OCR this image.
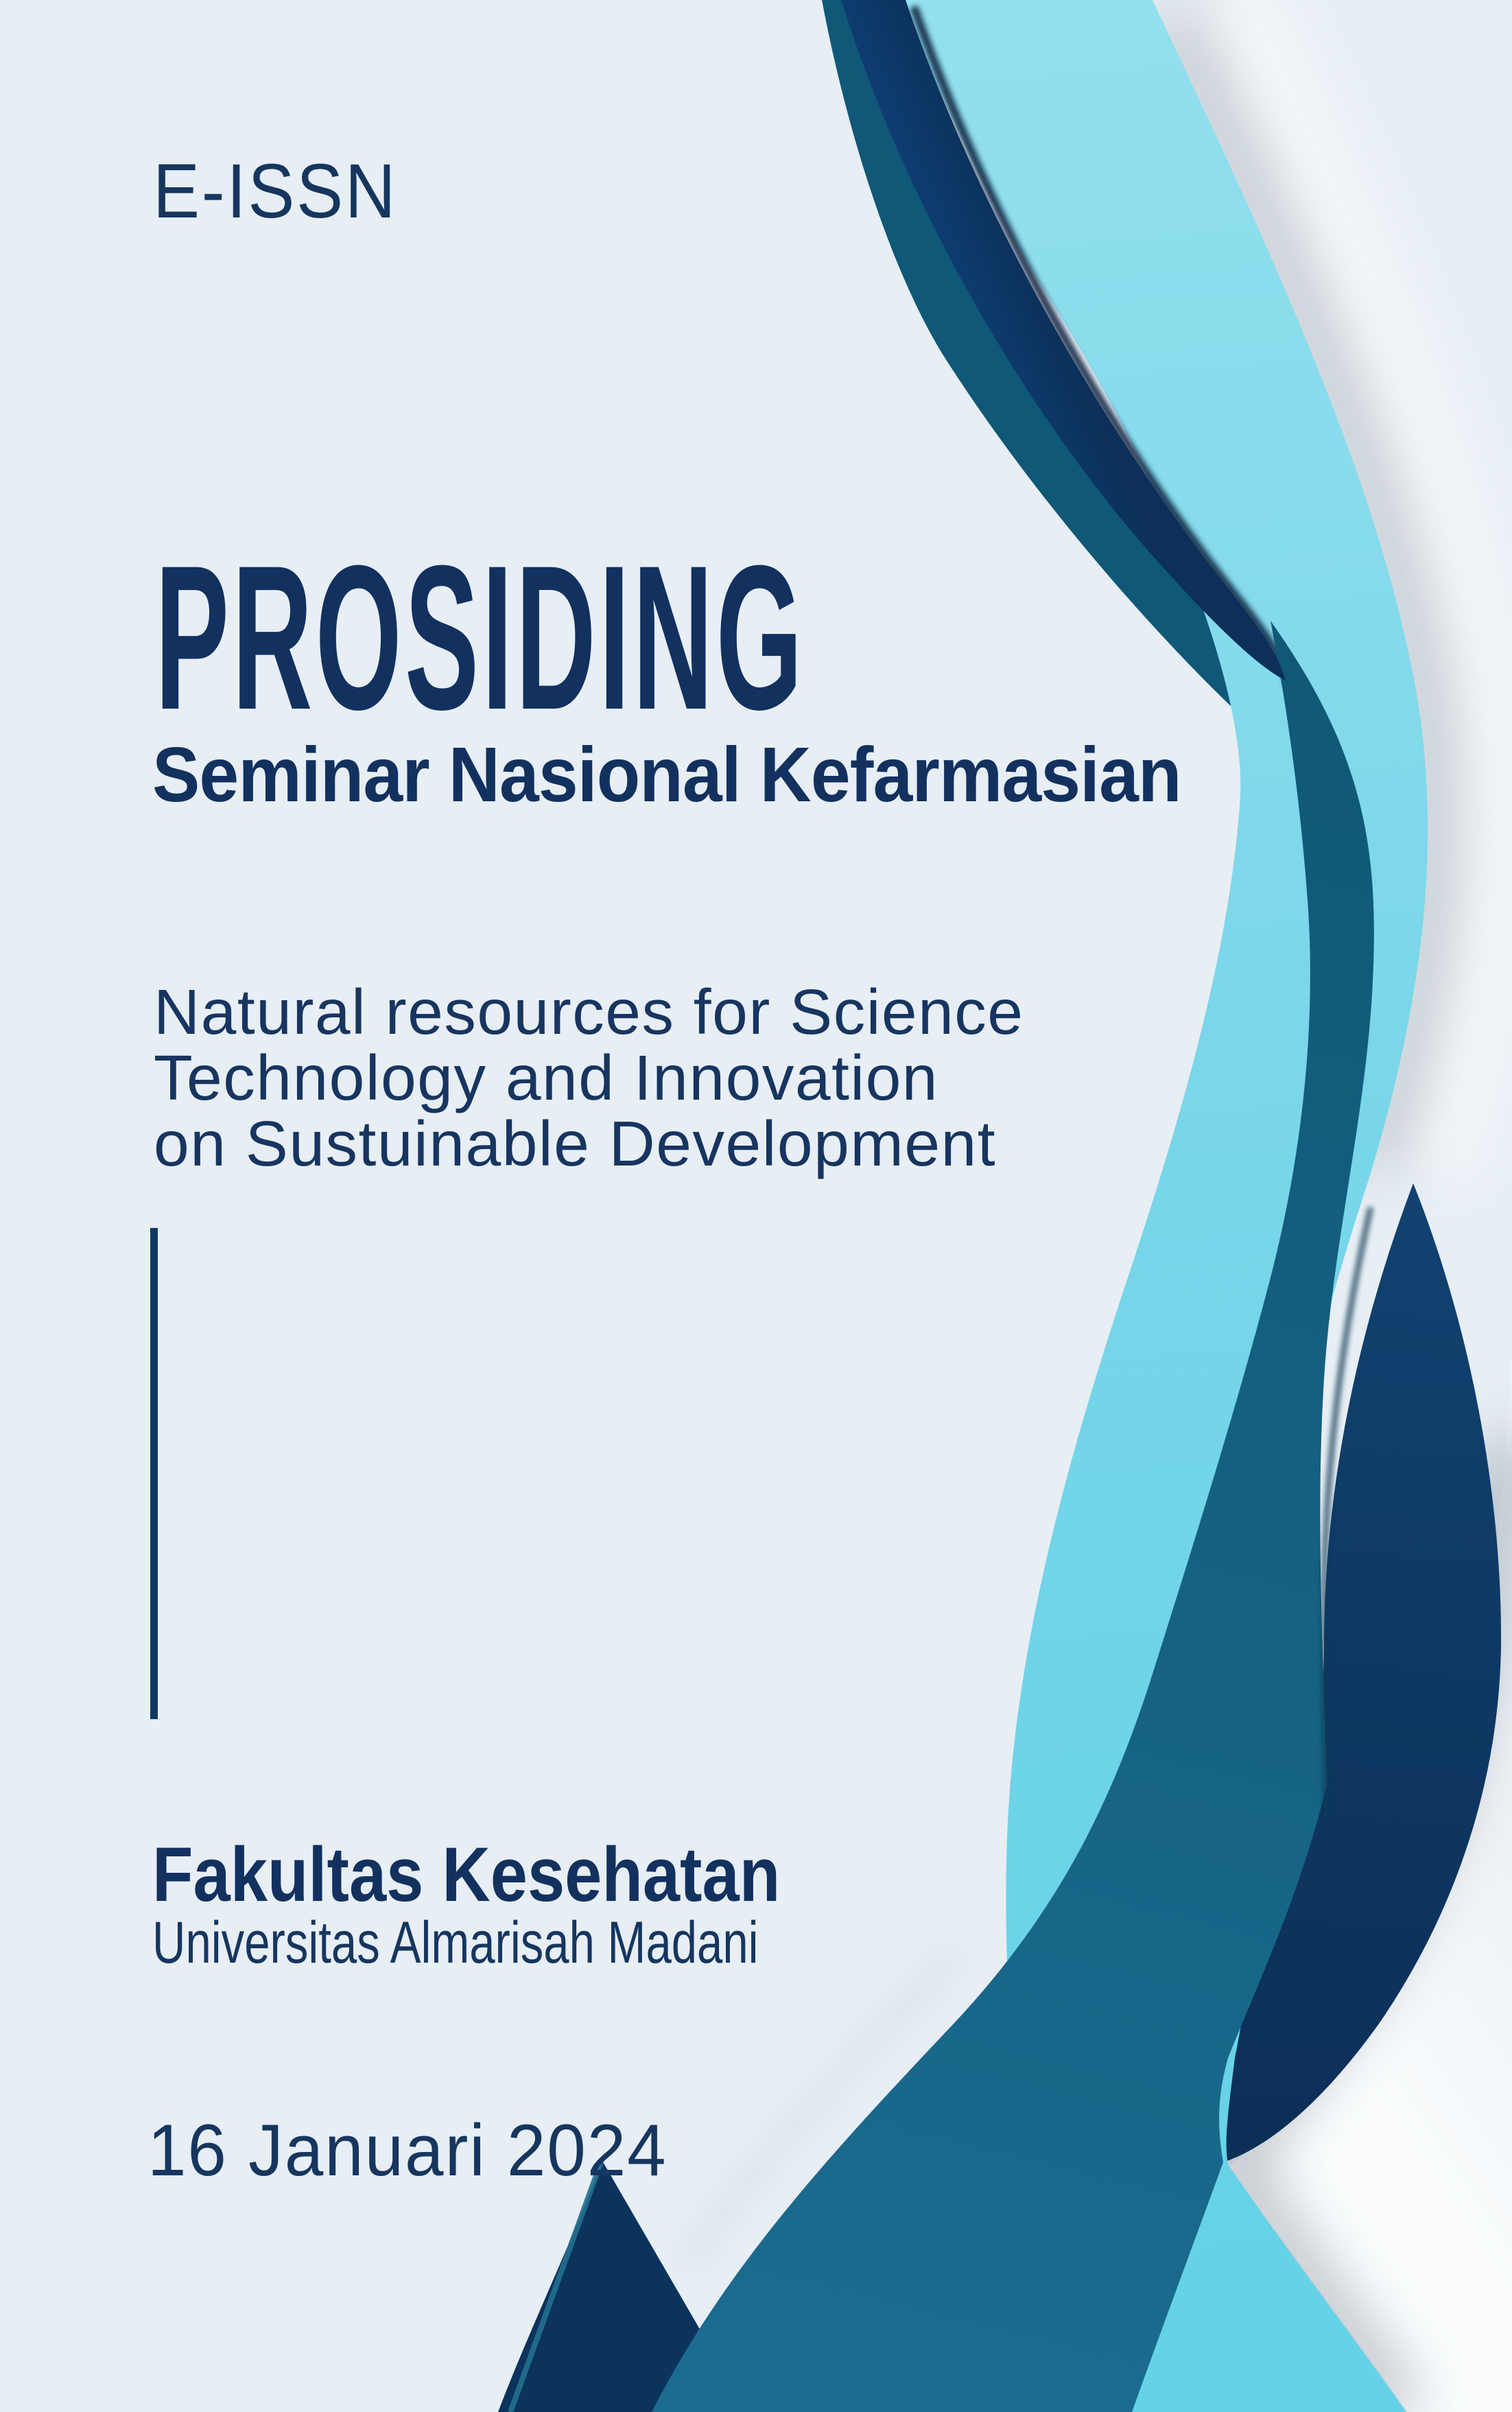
E-ISSN
PROSIDING
Seminar Nasional Kefarmasian
Natural resources for Science
Technology and Innovation
on Sustuinable Development
Fakultas Kesehatan
Universitas Almarisah Madani
16 Januari 2024
